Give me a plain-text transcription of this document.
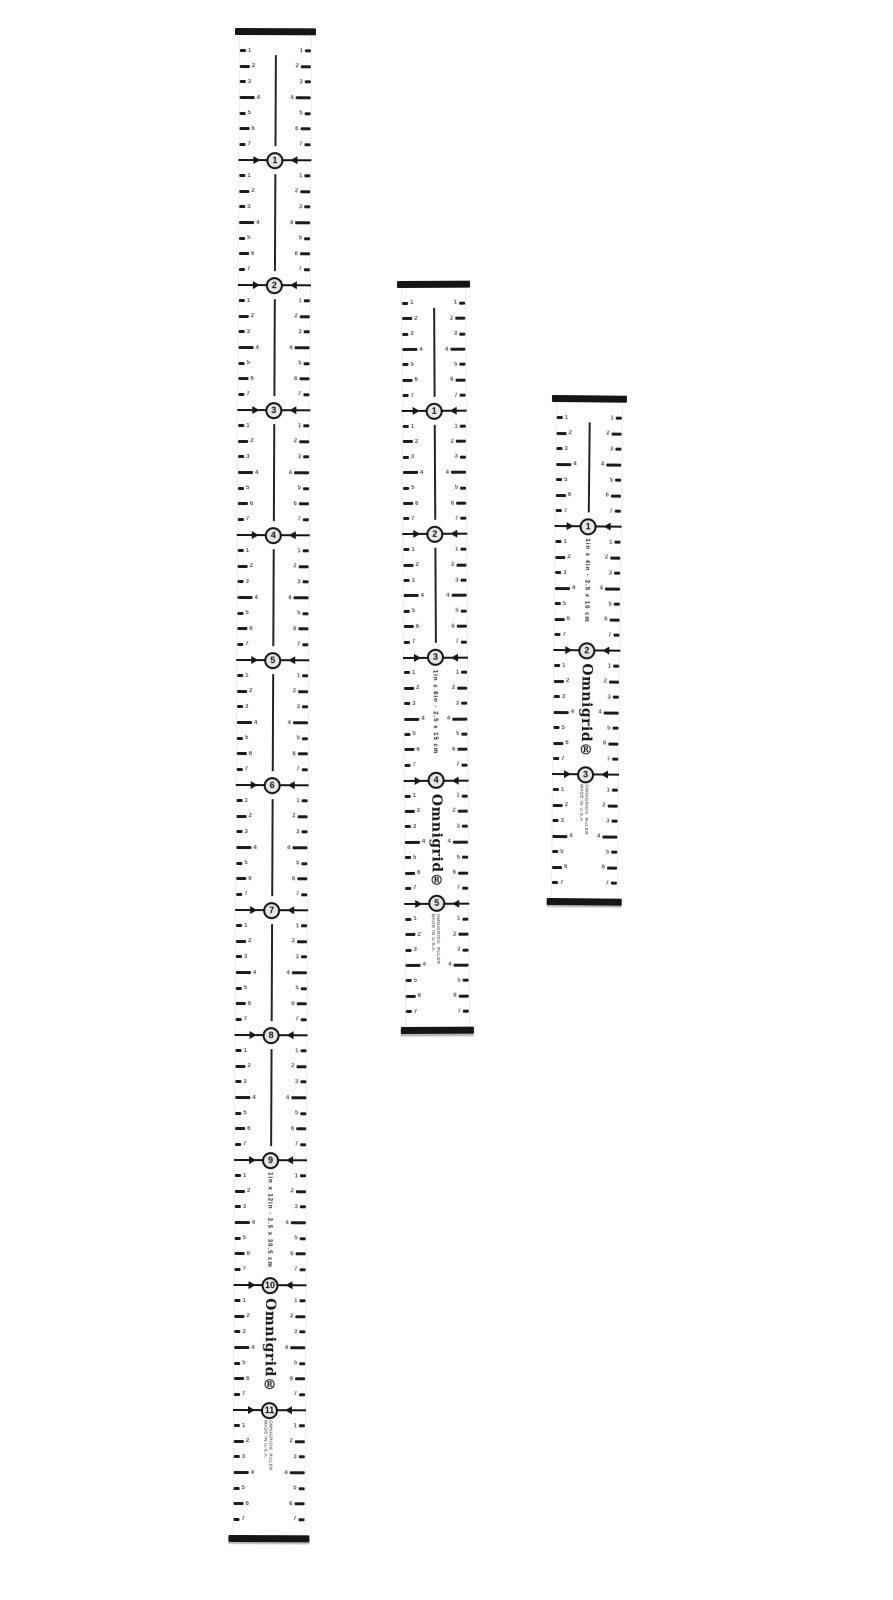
1	1
2	2
3	3
4	4
5	5
6	6
7	7
1	1
2	2
3	3
4	4
5	5
6	6
7	7
1	1
2	2
3	3
4	4
5	5
6	6
7	7
1	1
2	2
3	3
4	4
5	5
6	6
7	7
1	1
2	2
3	3
4	4
5	5
6	6
7	7
1	1
2	2
3	3
4	4
5	5
6	6
7	7
1	1
2	2
3	3
4	4
5	5
6	6
7	7
1	1
2	2
3	3
4	4
5	5
6	6
7	7
1	1
2	2
3	3
4	4
5	5
6	6
7	7
1	1
2	2
3	3
4	4
5	5
6	6
7	7
1	1
2	2
3	3
4	4
5	5
6	6
7	7
1	1
2	2
3	3
4	4
5	5
6	6
7	7
1
2
3
4
5
6
7
8
9
10
11
1in x 12in · 2.5 x 30.5 cm
Omnigrid®
OMNIGRID® RULER
MADE IN U.S.A.
1	1
2	2
3	3
4	4
5	5
6	6
7	7
1	1
2	2
3	3
4	4
5	5
6	6
7	7
1	1
2	2
3	3
4	4
5	5
6	6
7	7
1	1
2	2
3	3
4	4
5	5
6	6
7	7
1	1
2	2
3	3
4	4
5	5
6	6
7	7
1	1
2	2
3	3
4	4
5	5
6	6
7	7
1
2
3
4
5
1in x 6in · 2.5 x 15 cm
Omnigrid®
OMNIGRID® RULER
MADE IN U.S.A.
1	1
2	2
3	3
4	4
5	5
6	6
7	7
1	1
2	2
3	3
4	4
5	5
6	6
7	7
1	1
2	2
3	3
4	4
5	5
6	6
7	7
1	1
2	2
3	3
4	4
5	5
6	6
7	7
1
2
3
1in x 4in · 2.5 x 10 cm
Omnigrid®
OMNIGRID® RULER
MADE IN U.S.A.
